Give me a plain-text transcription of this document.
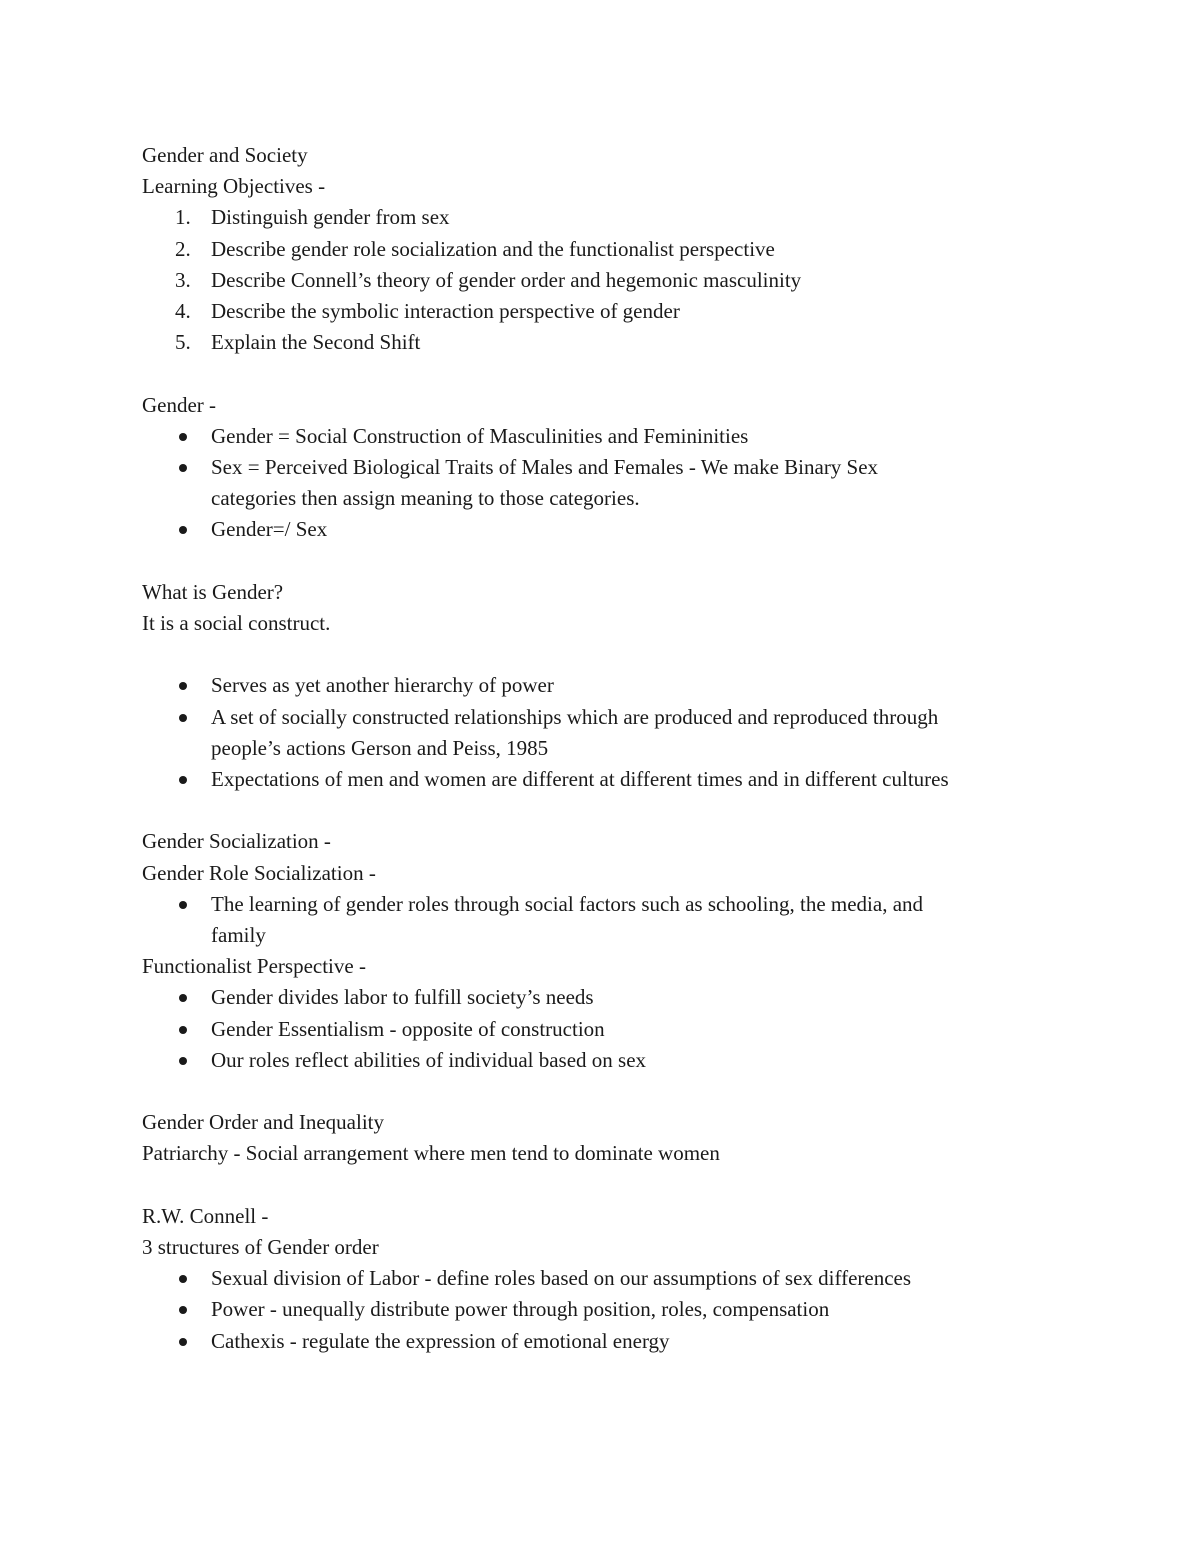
Gender and Society

Learning Objectives -

1. Distinguish gender from sex
2. Describe gender role socialization and the functionalist perspective
3. Describe Connell’s theory of gender order and hegemonic masculinity
4. Describe the symbolic interaction perspective of gender
5. Explain the Second Shift

Gender -

Gender = Social Construction of Masculinities and Femininities
Sex = Perceived Biological Traits of Males and Females - We make Binary Sex
categories then assign meaning to those categories.
Gender=/ Sex

What is Gender?

It is a social construct.

Serves as yet another hierarchy of power
A set of socially constructed relationships which are produced and reproduced through
people’s actions Gerson and Peiss, 1985
Expectations of men and women are different at different times and in different cultures

Gender Socialization -

Gender Role Socialization -

The learning of gender roles through social factors such as schooling, the media, and
family

Functionalist Perspective -

Gender divides labor to fulfill society’s needs
Gender Essentialism - opposite of construction
Our roles reflect abilities of individual based on sex

Gender Order and Inequality

Patriarchy - Social arrangement where men tend to dominate women

R.W. Connell -

3 structures of Gender order

Sexual division of Labor - define roles based on our assumptions of sex differences
Power - unequally distribute power through position, roles, compensation
Cathexis - regulate the expression of emotional energy
